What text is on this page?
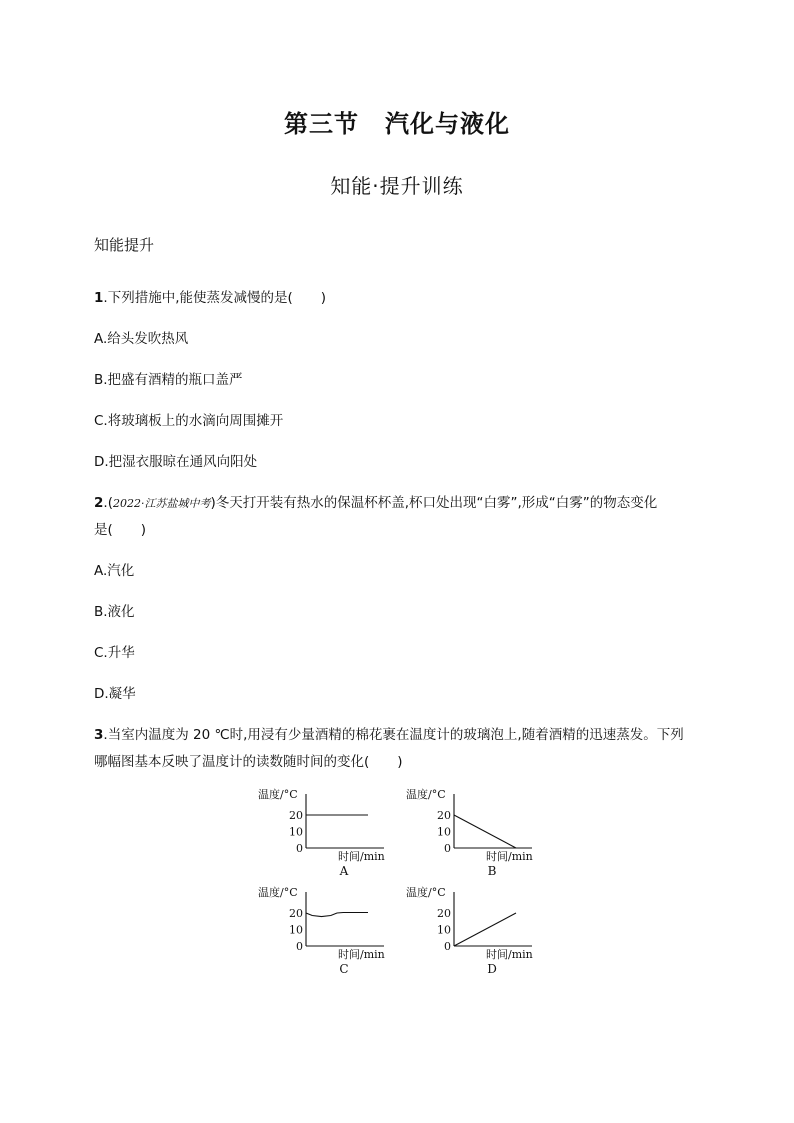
第三节 汽化与液化
知能·提升训练
知能提升
1.下列措施中,能使蒸发减慢的是( )
A.给头发吹热风
B.把盛有酒精的瓶口盖严
C.将玻璃板上的水滴向周围摊开
D.把湿衣服晾在通风向阳处
2.(2022·江苏盐城中考)冬天打开装有热水的保温杯杯盖,杯口处出现“白雾”,形成“白雾”的物态变化
是( )
A.汽化
B.液化
C.升华
D.凝华
3.当室内温度为 20 ℃时,用浸有少量酒精的棉花裹在温度计的玻璃泡上,随着酒精的迅速蒸发。下列
哪幅图基本反映了温度计的读数随时间的变化( )
温度/°C
时间/min
20
10
0
A
温度/°C
时间/min
20
10
0
B
温度/°C
时间/min
20
10
0
C
温度/°C
时间/min
20
10
0
D
